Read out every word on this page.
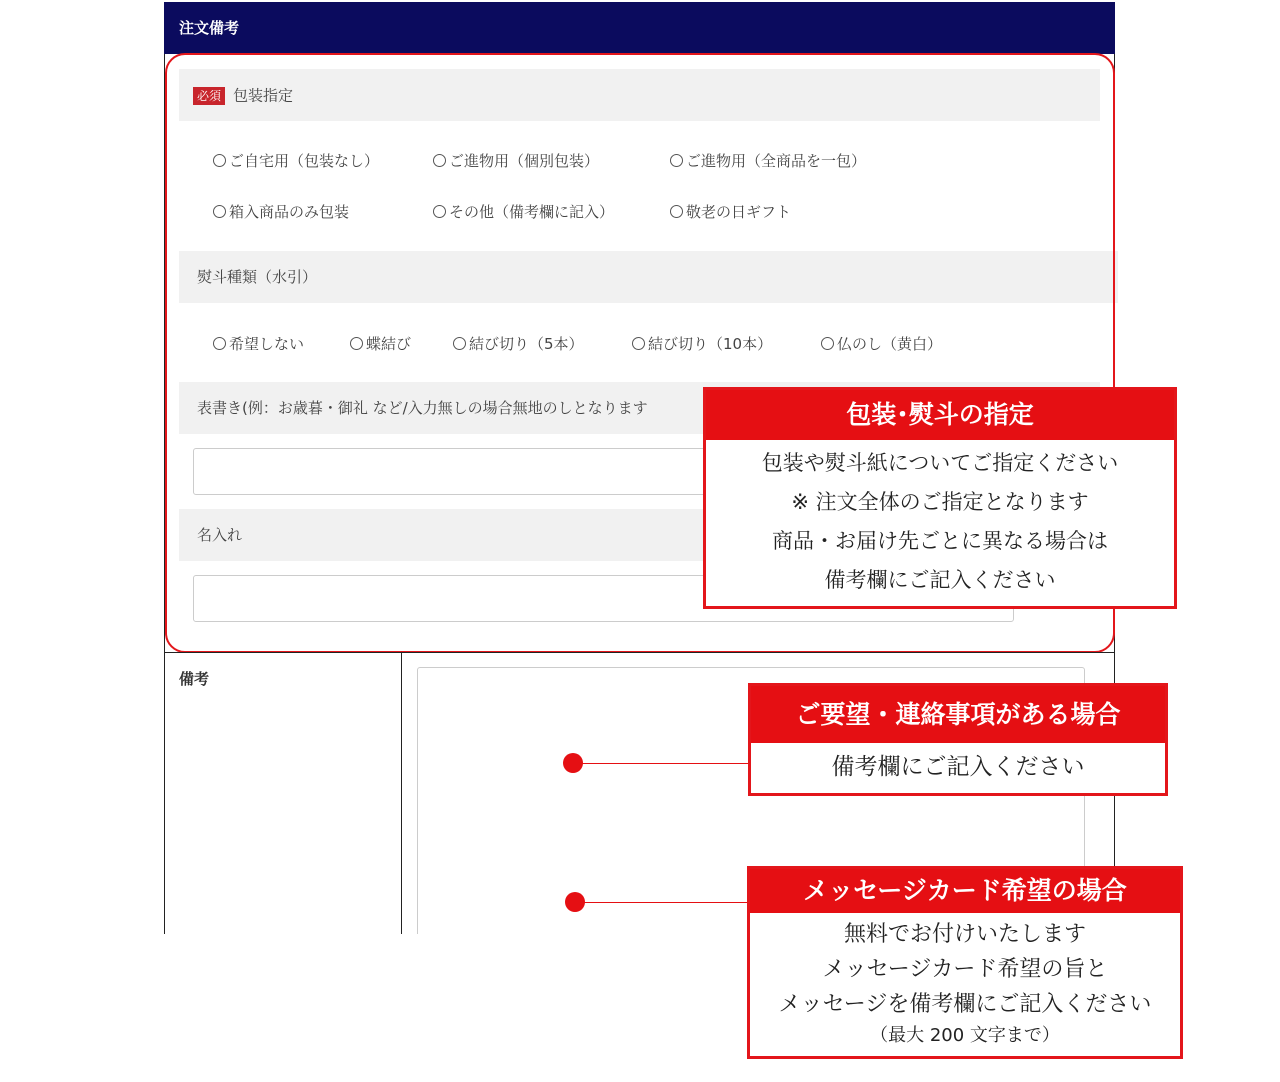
注文備考
必須 包装指定
ご自宅用（包装なし）	ご進物用（個別包装）	ご進物用（全商品を一包）
箱入商品のみ包装	その他（備考欄に記入）	敬老の日ギフト
熨斗種類（水引）
希望しない	蝶結び	結び切り（5本）	結び切り（10本）	仏のし（黄白）
表書き(例：お歳暮・御礼 など/入力無しの場合無地のしとなります
名入れ
備考
包装･熨斗の指定
包装や熨斗紙についてご指定ください
※ 注文全体のご指定となります
商品・お届け先ごとに異なる場合は
備考欄にご記入ください
ご要望・連絡事項がある場合
備考欄にご記入ください
メッセージカード希望の場合
無料でお付けいたします
メッセージカード希望の旨と
メッセージを備考欄にご記入ください
（最大 200 文字まで）
